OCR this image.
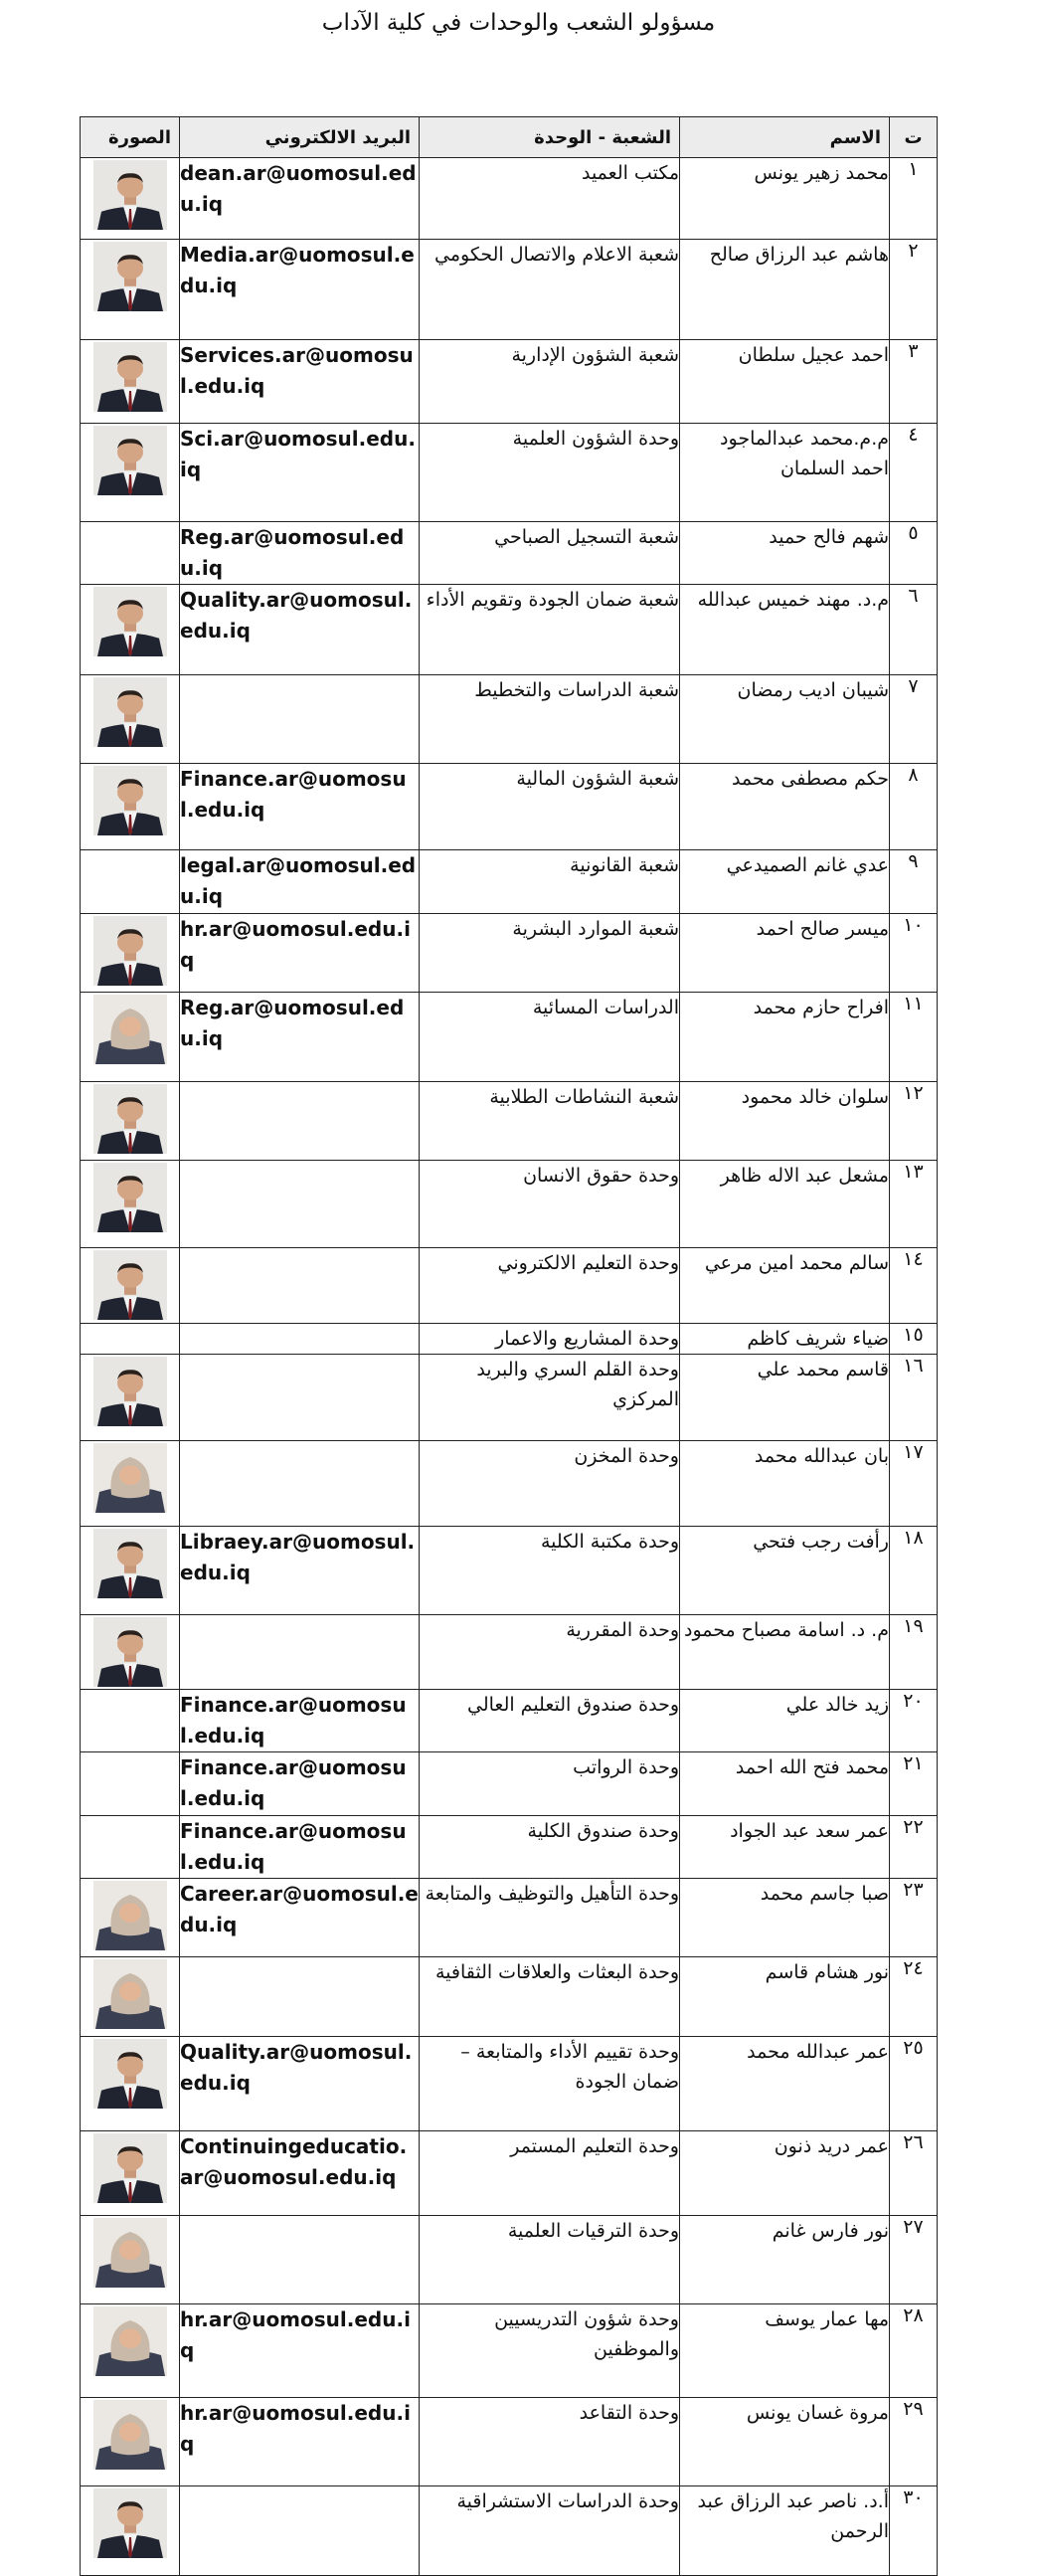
مسؤولو الشعب والوحدات في كلية الآداب
ت	الاسم	الشعبة - الوحدة	البريد الالكتروني	الصورة
١	محمد زهير يونس	مكتب العميد	dean.ar@uomosul.edu.iq	

٢	هاشم عبد الرزاق صالح	شعبة الاعلام والاتصال الحكومي	Media.ar@uomosul.edu.iq	

٣	احمد عجيل سلطان	شعبة الشؤون الإدارية	Services.ar@uomosul.edu.iq	

٤	م.م.محمد عبدالماجود احمد السلمان	وحدة الشؤون العلمية	Sci.ar@uomosul.edu.iq	

٥	شهم فالح حميد	شعبة التسجيل الصباحي	Reg.ar@uomosul.edu.iq	
٦	م.د. مهند خميس عبدالله	شعبة ضمان الجودة وتقويم الأداء	Quality.ar@uomosul.edu.iq	

٧	شيبان اديب رمضان	شعبة الدراسات والتخطيط		

٨	حكم مصطفى محمد	شعبة الشؤون المالية	Finance.ar@uomosul.edu.iq	

٩	عدي غانم الصميدعي	شعبة القانونية	legal.ar@uomosul.edu.iq	
١٠	ميسر صالح احمد	شعبة الموارد البشرية	hr.ar@uomosul.edu.iq	

١١	افراح حازم محمد	الدراسات المسائية	Reg.ar@uomosul.edu.iq	

١٢	سلوان خالد محمود	شعبة النشاطات الطلابية		

١٣	مشعل عبد الاله ظاهر	وحدة حقوق الانسان		

١٤	سالم محمد امين مرعي	وحدة التعليم الالكتروني		

١٥	ضياء شريف كاظم	وحدة المشاريع والاعمار		
١٦	قاسم محمد علي	وحدة القلم السري والبريد المركزي		

١٧	بان عبدالله محمد	وحدة المخزن		

١٨	رأفت رجب فتحي	وحدة مكتبة الكلية	Libraey.ar@uomosul.edu.iq	

١٩	م. د. اسامة مصباح محمود	وحدة المقررية		

٢٠	زيد خالد علي	وحدة صندوق التعليم العالي	Finance.ar@uomosul.edu.iq	
٢١	محمد فتح الله احمد	وحدة الرواتب	Finance.ar@uomosul.edu.iq	
٢٢	عمر سعد عبد الجواد	وحدة صندوق الكلية	Finance.ar@uomosul.edu.iq	
٢٣	صبا جاسم محمد	وحدة التأهيل والتوظيف والمتابعة	Career.ar@uomosul.edu.iq	

٢٤	نور هشام قاسم	وحدة البعثات والعلاقات الثقافية		

٢٥	عمر عبدالله محمد	وحدة تقييم الأداء والمتابعة – ضمان الجودة	Quality.ar@uomosul.edu.iq	

٢٦	عمر دريد ذنون	وحدة التعليم المستمر	Continuingeducatio.ar@uomosul.edu.iq	

٢٧	نور فارس غانم	وحدة الترقيات العلمية		

٢٨	مها عمار يوسف	وحدة شؤون التدريسيين والموظفين	hr.ar@uomosul.edu.iq	

٢٩	مروة غسان يونس	وحدة التقاعد	hr.ar@uomosul.edu.iq	

٣٠	أ.د. ناصر عبد الرزاق عبد الرحمن	وحدة الدراسات الاستشراقية		
